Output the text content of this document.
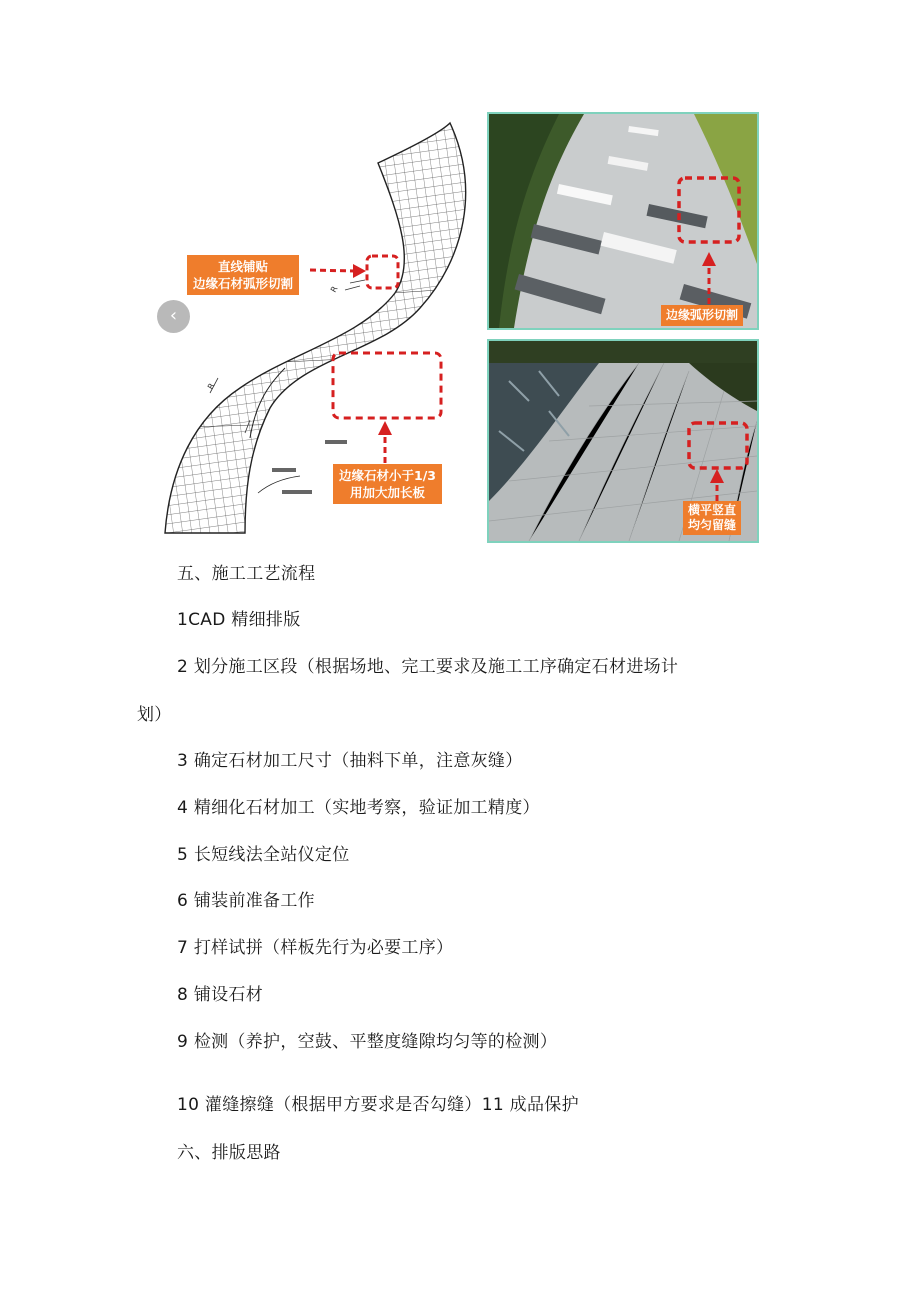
R
R
直线铺贴
边缘石材弧形切割
边缘石材小于1/3
用加大加长板
边缘弧形切割
横平竖直
均匀留缝
‹
五、施工工艺流程
1CAD 精细排版
2 划分施工区段（根据场地、完工要求及施工工序确定石材进场计
划）
3 确定石材加工尺寸（抽料下单，注意灰缝）
4 精细化石材加工（实地考察，验证加工精度）
5 长短线法全站仪定位
6 铺装前准备工作
7 打样试拼（样板先行为必要工序）
8 铺设石材
9 检测（养护，空鼓、平整度缝隙均匀等的检测）
10 灌缝擦缝（根据甲方要求是否勾缝）11 成品保护
六、排版思路
